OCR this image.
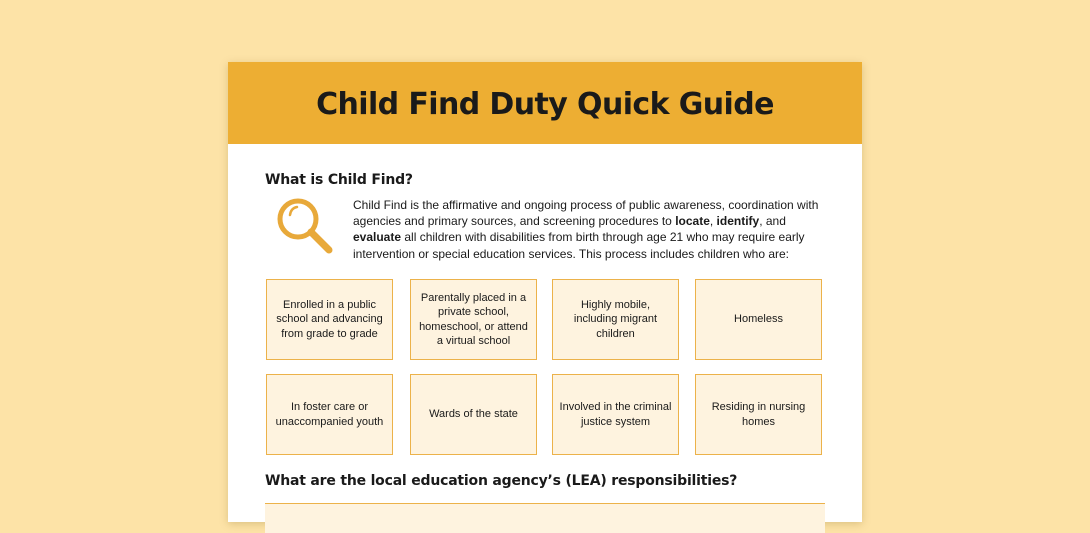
Child Find Duty Quick Guide
What is Child Find?
Child Find is the affirmative and ongoing process of public awareness, coordination with agencies and primary sources, and screening procedures to locate, identify, and evaluate all children with disabilities from birth through age 21 who may require early intervention or special education services. This process includes children who are:
Enrolled in a public school and advancing from grade to grade
Parentally placed in a private school, homeschool, or attend a virtual school
Highly mobile, including migrant children
Homeless
In foster care or unaccompanied youth
Wards of the state
Involved in the criminal justice system
Residing in nursing homes
What are the local education agency’s (LEA) responsibilities?
